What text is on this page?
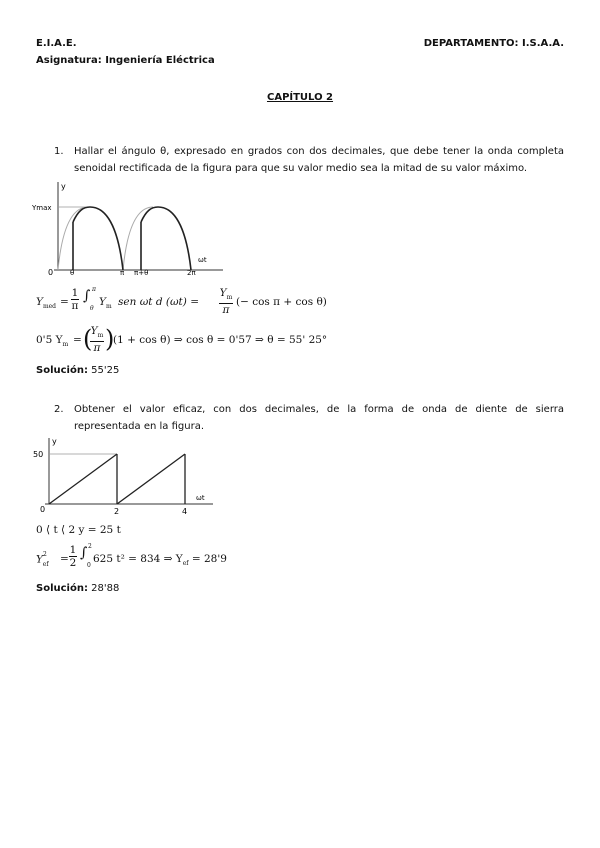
E.I.A.E.	DEPARTAMENTO: I.S.A.A.
Asignatura: Ingeniería Eléctrica
CAPÍTULO 2
1. Hallar el ángulo θ, expresado en grados con dos decimales, que debe tener la onda completa
senoidal rectificada de la figura para que su valor medio sea la mitad de su valor máximo.
y
Ymax
0 θ	π π+θ	2π
ωt
$Y_{med}$ =
1
π
∫ π
θ
$Y_m$ sen ωt d (ωt) =
$Y_m$
π
(− cos π + cos θ)
0'5 $Y_m$ = (
$Y_m$
π )
(1 + cos θ) ⇒ cos θ = 0'57 ⇒ θ = 55' 25°
Solución: 55'25
2. Obtener el valor eficaz, con dos decimales, de la forma de onda de diente de sierra
representada en la figura.
y
50
0	2	4
ωt
0 ⟨ t ⟨ 2 y = 25 t
$Y^2_{ef}$ =
1
2
∫ 2
0
625 t² = 834 ⇒ $Y_{ef} = 28'9$
Solución: 28'88
